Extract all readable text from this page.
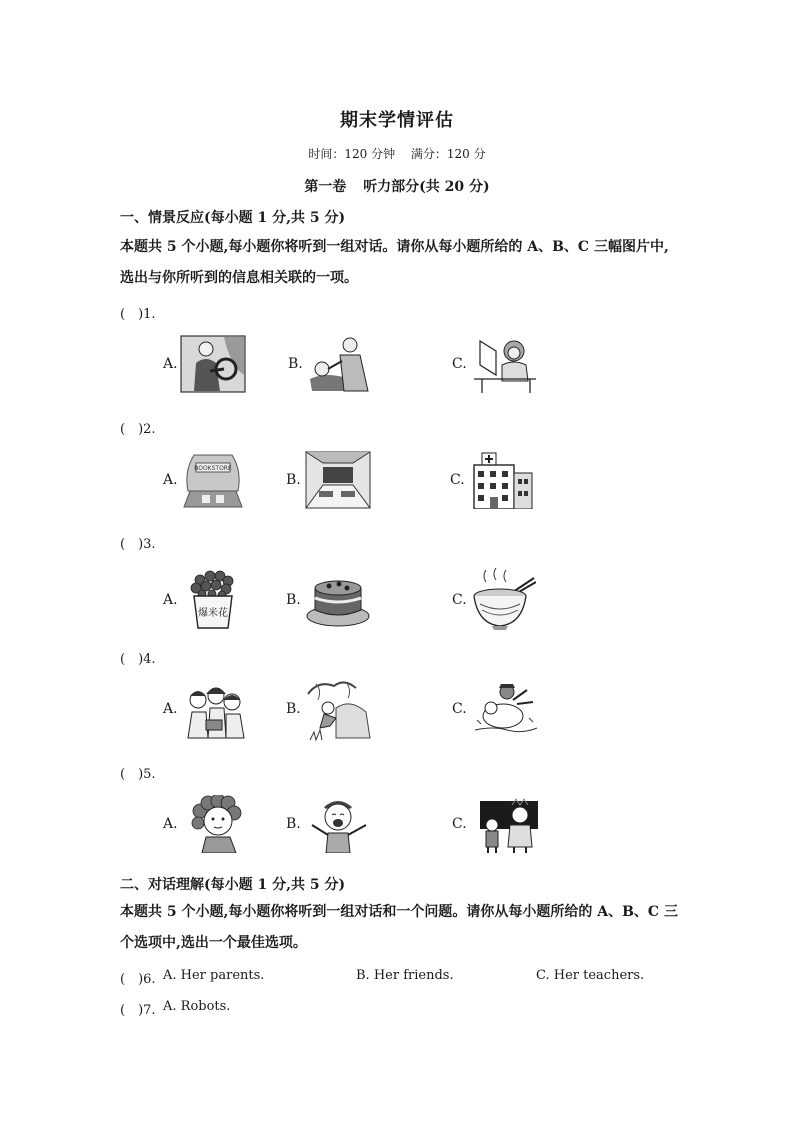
期末学情评估
时间：120 分钟 满分：120 分
第一卷 听力部分(共 20 分)
一、情景反应(每小题 1 分,共 5 分)
本题共 5 个小题,每小题你将听到一组对话。请你从每小题所给的 A、B、C 三幅图片中,选出与你所听到的信息相关联的一项。
(　)1.
A.	B.	C.
(　)2.
A.
BOOKSTORE
B.	C.
(　)3.
A.
爆米花
B.	C.
(　)4.
A.	B.	C.
(　)5.
A.	B.	C.
二、对话理解(每小题 1 分,共 5 分)
本题共 5 个小题,每小题你将听到一组对话和一个问题。请你从每小题所给的 A、B、C 三个选项中,选出一个最佳选项。
(　)6. A. Her parents.	B. Her friends.	C. Her teachers.
(　)7. A. Robots.
